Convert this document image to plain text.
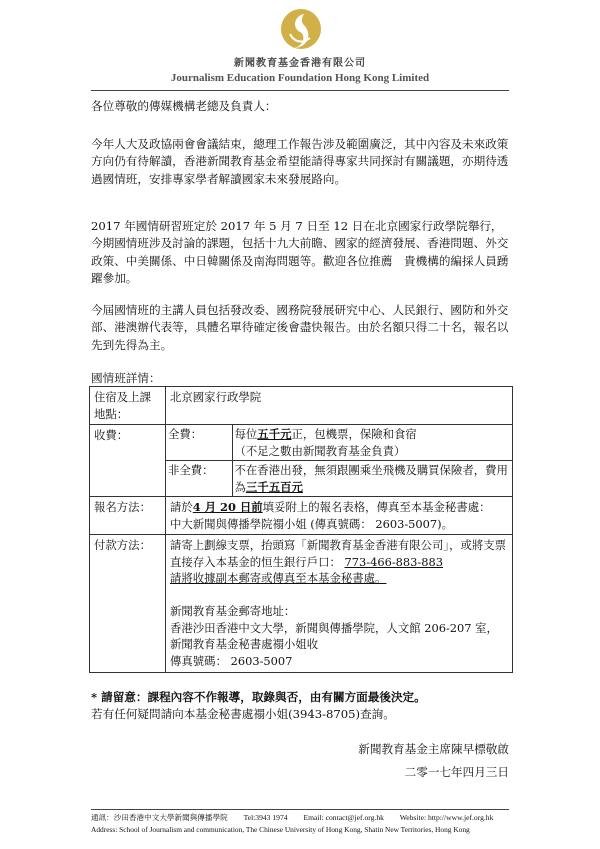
新聞教育基金香港有限公司
Journalism Education Foundation Hong Kong Limited
各位尊敬的傳媒機構老總及負責人：
今年人大及政協兩會會議結束，總理工作報告涉及範圍廣泛，其中內容及未來政策方向仍有待解讀，香港新聞教育基金希望能請得專家共同探討有關議題，亦期待透過國情班，安排專家學者解讀國家未來發展路向。
2017 年國情研習班定於 2017 年 5 月 7 日至 12 日在北京國家行政學院舉行，今期國情班涉及討論的課題，包括十九大前瞻、國家的經濟發展、香港問題、外交政策、中美關係、中日韓關係及南海問題等。歡迎各位推薦　貴機構的編採人員踴躍參加。
今屆國情班的主講人員包括發改委、國務院發展研究中心、人民銀行、國防和外交部、港澳辦代表等，具體名單待確定後會盡快報告。由於名額只得二十名，報名以先到先得為主。
國情班詳情：
住宿及上課地點：	北京國家行政學院
收費：		全費：	每位五千元正，包機票，保險和食宿
（不足之數由新聞教育基金負責）
非全費：	不在香港出發，無須跟團乘坐飛機及購買保險者，費用為三千五百元

報名方法：	請於4 月 20 日前填妥附上的報名表格，傳真至本基金秘書處：
中大新聞與傳播學院禤小姐 (傳真號碼： 2603-5007)。
付款方法：	請寄上劃線支票，抬頭寫「新聞教育基金香港有限公司」，或將支票直接存入本基金的恒生銀行戶口： 773-466-883-883
請將收據副本郵寄或傳真至本基金秘書處。

新聞教育基金郵寄地址：
香港沙田香港中文大學，新聞與傳播學院，人文館 206-207 室，
新聞教育基金秘書處禤小姐收
傳真號碼： 2603-5007
* 請留意：課程內容不作報導，取錄與否，由有關方面最後決定。
若有任何疑問請向本基金秘書處禤小姐(3943-8705)查詢。
新聞教育基金主席陳早標敬啟
二零一七年四月三日
通訊：沙田香港中文大學新聞與傳播學院 Tel:3943 1974 Email: contact@jef.org.hk Website: http://www.jef.org.hk
Address: School of Journalism and communication, The Chinese University of Hong Kong, Shatin New Territories, Hong Kong
